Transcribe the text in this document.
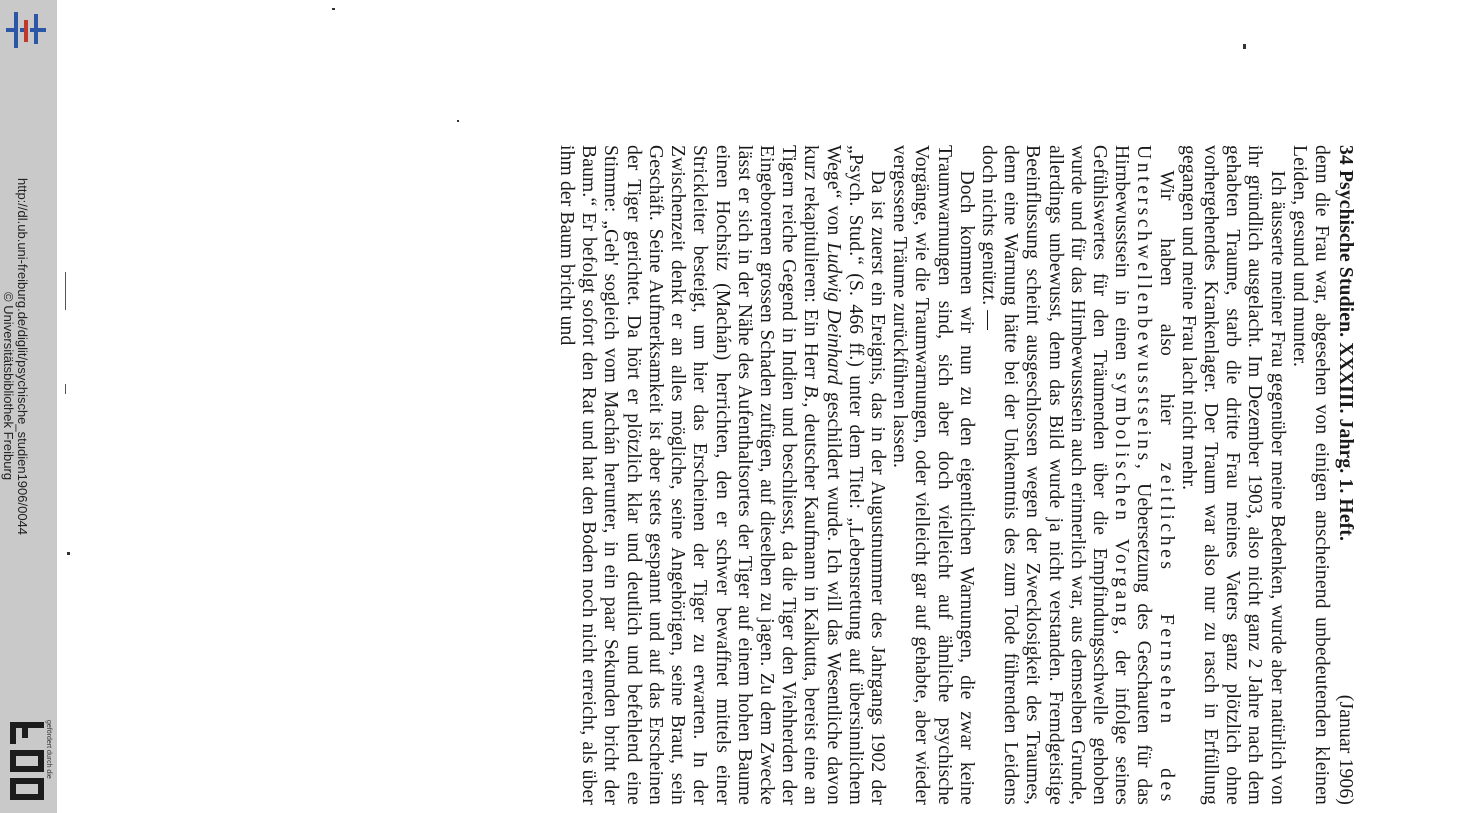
http://dl.ub.uni-freiburg.de/diglit/psychische_studien1906/0044
© Universitätsbibliothek Freiburg
gefördert durch die
34 Psychische Studien. XXXIII. Jahrg. 1. Heft.
(Januar 1906)

denn die Frau war, abgesehen von einigen anscheinend unbedeutenden kleinen Leiden, gesund und munter.

Ich äusserte meiner Frau gegenüber meine Bedenken, wurde aber natürlich von ihr gründlich ausgelacht. Im Dezember 1903, also nicht ganz 2 Jahre nach dem gehabten Traume, starb die dritte Frau meines Vaters ganz plötzlich ohne vorhergehendes Krankenlager. Der Traum war also nur zu rasch in Erfüllung gegangen und meine Frau lacht nicht mehr.

Wir haben also hier zeitliches Fernsehen des Unterschwellenbewusstseins, Uebersetzung des Geschauten für das Hirnbewusstsein in einen symbolischen Vorgang, der infolge seines Gefühlswertes für den Träumenden über die Empfindungsschwelle gehoben wurde und für das Hirnbewusstsein auch erinnerlich war, aus demselben Grunde, allerdings unbewusst, denn das Bild wurde ja nicht verstanden. Fremdgeistige Beeinflussung scheint ausgeschlossen wegen der Zwecklosigkeit des Traumes, denn eine Warnung hätte bei der Unkenntnis des zum Tode führenden Leidens doch nichts genützt. —

Doch kommen wir nun zu den eigentlichen Warnungen, die zwar keine Traumwarnungen sind, sich aber doch vielleicht auf ähnliche psychische Vorgänge, wie die Traumwarnungen, oder vielleicht gar auf gehabte, aber wieder vergessene Träume zurückführen lassen.

Da ist zuerst ein Ereignis, das in der Augustnummer des Jahrgangs 1902 der „Psych. Stud.“ (S. 466 ff.) unter dem Titel: „Lebensrettung auf übersinnlichem Wege“ von Ludwig Deinhard geschildert wurde. Ich will das Wesentliche davon kurz rekapitulieren: Ein Herr B., deutscher Kaufmann in Kalkutta, bereist eine an Tigern reiche Gegend in Indien und beschliesst, da die Tiger den Viehherden der Eingeborenen grossen Schaden zufügen, auf dieselben zu jagen. Zu dem Zwecke lässt er sich in der Nähe des Aufenthaltsortes der Tiger auf einem hohen Baume einen Hochsitz (Machán) herrichten, den er schwer bewaffnet mittels einer Strickleiter besteigt, um hier das Erscheinen der Tiger zu erwarten. In der Zwischenzeit denkt er an alles mögliche, seine Angehörigen, seine Braut, sein Geschäft. Seine Aufmerksamkeit ist aber stets gespannt und auf das Erscheinen der Tiger gerichtet. Da hört er plötzlich klar und deutlich und befehlend eine Stimme: „Geh' sogleich vom Machán herunter, in ein paar Sekunden bricht der Baum.“ Er befolgt sofort den Rat und hat den Boden noch nicht erreicht, als über ihm der Baum bricht und
